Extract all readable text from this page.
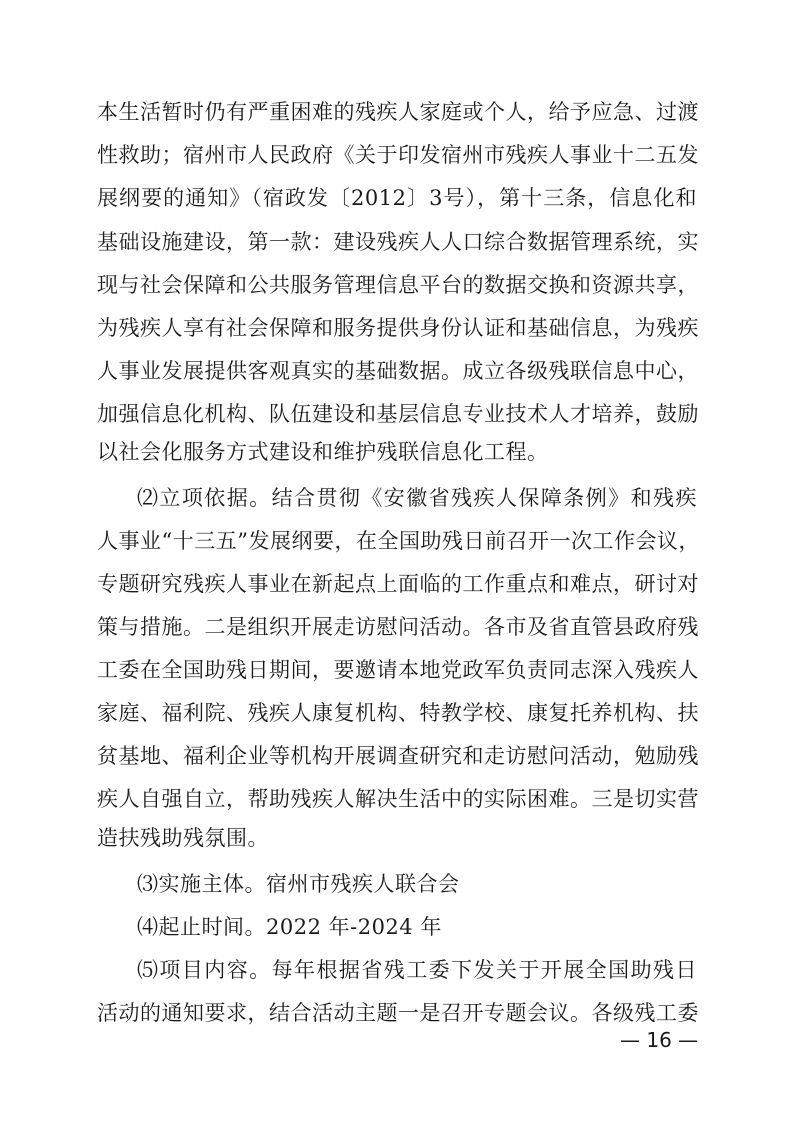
本生活暂时仍有严重困难的残疾人家庭或个人，给予应急、过渡
性救助；宿州市人民政府《关于印发宿州市残疾人事业十二五发
展纲要的通知》（宿政发〔2012〕3号），第十三条，信息化和
基础设施建设，第一款：建设残疾人人口综合数据管理系统，实
现与社会保障和公共服务管理信息平台的数据交换和资源共享，
为残疾人享有社会保障和服务提供身份认证和基础信息，为残疾
人事业发展提供客观真实的基础数据。成立各级残联信息中心，
加强信息化机构、队伍建设和基层信息专业技术人才培养，鼓励
以社会化服务方式建设和维护残联信息化工程。
⑵立项依据。结合贯彻《安徽省残疾人保障条例》和残疾
人事业“十三五”发展纲要，在全国助残日前召开一次工作会议，
专题研究残疾人事业在新起点上面临的工作重点和难点，研讨对
策与措施。二是组织开展走访慰问活动。各市及省直管县政府残
工委在全国助残日期间，要邀请本地党政军负责同志深入残疾人
家庭、福利院、残疾人康复机构、特教学校、康复托养机构、扶
贫基地、福利企业等机构开展调查研究和走访慰问活动，勉励残
疾人自强自立，帮助残疾人解决生活中的实际困难。三是切实营
造扶残助残氛围。
⑶实施主体。宿州市残疾人联合会
⑷起止时间。2022 年-2024 年
⑸项目内容。每年根据省残工委下发关于开展全国助残日
活动的通知要求，结合活动主题一是召开专题会议。各级残工委
— 16 —
